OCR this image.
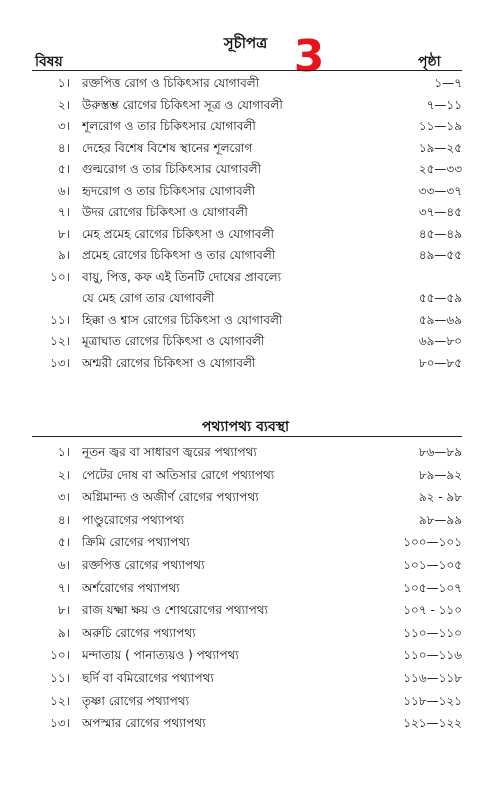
সূচীপত্র 3
বিষয়	পৃষ্ঠা
১। রক্তপিত্ত রোগ ও চিকিৎসার যোগাবলী	১—৭
২। উরুস্তম্ভ রোগের চিকিৎসা সূত্র ও যোগাবলী	৭—১১
৩। শূলরোগ ও তার চিকিৎসার যোগাবলী	১১—১৯
৪। দেহের বিশেষ বিশেষ স্থানের শূলরোগ	১৯—২৫
৫। গুল্মরোগ ও তার চিকিৎসার যোগাবলী	২৫—৩৩
৬। হৃদরোগ ও তার চিকিৎসার যোগাবলী	৩৩—৩৭
৭। উদর রোগের চিকিৎসা ও যোগাবলী	৩৭—৪৫
৮। মেহ প্রমেহ রোগের চিকিৎসা ও যোগাবলী	৪৫—৪৯
৯। প্রমেহ রোগের চিকিৎসা ও তার যোগাবলী	৪৯—৫৫
১০। বায়ু, পিত্ত, কফ এই তিনটি দোষের প্রাবল্যে
যে মেহ রোগ তার যোগাবলী	৫৫—৫৯
১১। হিক্কা ও শ্বাস রোগের চিকিৎসা ও যোগাবলী	৫৯—৬৯
১২। মূত্রাঘাত রোগের চিকিৎসা ও যোগাবলী	৬৯—৮০
১৩। অশ্মরী রোগের চিকিৎসা ও যোগাবলী	৮০—৮৫
পথ্যাপথ্য ব্যবস্থা
১। নূতন জ্বর বা সাধারণ জ্বরের পথ্যাপথ্য	৮৬—৮৯
২। পেটের দোষ বা অতিসার রোগে পথ্যাপথ্য	৮৯—৯২
৩। অগ্নিমান্দ্য ও অজীর্ণ রোগের পথ্যাপথ্য	৯২ - ৯৮
৪। পাণ্ডুরোগের পথ্যাপথ্য	৯৮—৯৯
৫। ক্রিমি রোগের পথ্যাপথ্য	১০০—১০১
৬। রক্তপিত্ত রোগের পথ্যাপথ্য	১০১—১০৫
৭। অর্শরোগের পথ্যাপথ্য	১০৫—১০৭
৮। রাজ যক্ষ্মা ক্ষয় ও শোথরোগের পথ্যাপথ্য	১০৭ - ১১০
৯। অরুচি রোগের পথ্যাপথ্য	১১০—১১০
১০। মন্দাতায় ( পানাত্যয়ও ) পথ্যাপথ্য	১১০—১১৬
১১। ছর্দি বা বমিরোগের পথ্যাপথ্য	১১৬—১১৮
১২। তৃষ্ণা রোগের পথ্যাপথ্য	১১৮—১২১
১৩। অপস্মার রোগের পথ্যাপথ্য	১২১—১২২
